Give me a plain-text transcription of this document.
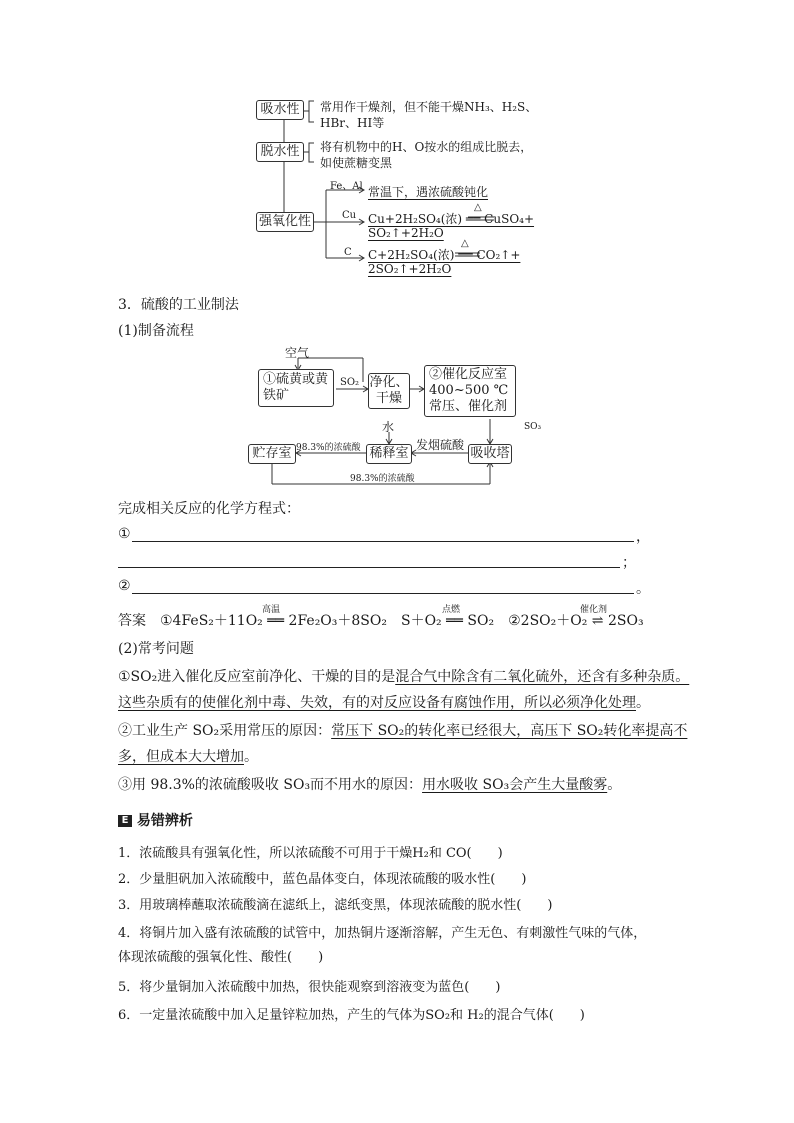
吸水性 常用作干燥剂，但不能干燥NH₃、H₂S、
HBr、HI等
脱水性 将有机物中的H、O按水的组成比脱去，
如使蔗糖变黑
强氧化性
Fe、Al 常温下，遇浓硫酸钝化
Cu
△
Cu+2H₂SO₄(浓) ══ CuSO₄+
SO₂↑+2H₂O
C
△
C+2H₂SO₄(浓) ══ CO₂↑+
2SO₂↑+2H₂O
3．硫酸的工业制法
(1)制备流程
空气
①硫黄或黄
铁矿
SO₂ 净化、
干燥
②催化反应室
400~500 ℃
常压、催化剂
SO₃
吸收塔
发烟硫酸
水
稀释室
98.3%的浓硫酸
贮存室
98.3%的浓硫酸
完成相关反应的化学方程式：
①	，
；
②	。
答案 ①4FeS₂＋11O₂ ══ 2Fe₂O₃＋8SO₂　S＋O₂ ══ SO₂　②2SO₂＋O₂ ⇌ 2SO₃
高温	点燃	催化剂
(2)常考问题
①SO₂进入催化反应室前净化、干燥的目的是混合气中除含有二氧化硫外，还含有多种杂质。
这些杂质有的使催化剂中毒、失效，有的对反应设备有腐蚀作用，所以必须净化处理。
②工业生产 SO₂采用常压的原因：常压下 SO₂的转化率已经很大，高压下 SO₂转化率提高不
多，但成本大大增加。
③用 98.3%的浓硫酸吸收 SO₃而不用水的原因：用水吸收 SO₃会产生大量酸雾。
E 易错辨析
1．浓硫酸具有强氧化性，所以浓硫酸不可用于干燥H₂和 CO(　　)
2．少量胆矾加入浓硫酸中，蓝色晶体变白，体现浓硫酸的吸水性(　　)
3．用玻璃棒蘸取浓硫酸滴在滤纸上，滤纸变黑，体现浓硫酸的脱水性(　　)
4．将铜片加入盛有浓硫酸的试管中，加热铜片逐渐溶解，产生无色、有刺激性气味的气体，
体现浓硫酸的强氧化性、酸性(　　)
5．将少量铜加入浓硫酸中加热，很快能观察到溶液变为蓝色(　　)
6．一定量浓硫酸中加入足量锌粒加热，产生的气体为SO₂和 H₂的混合气体(　　)
